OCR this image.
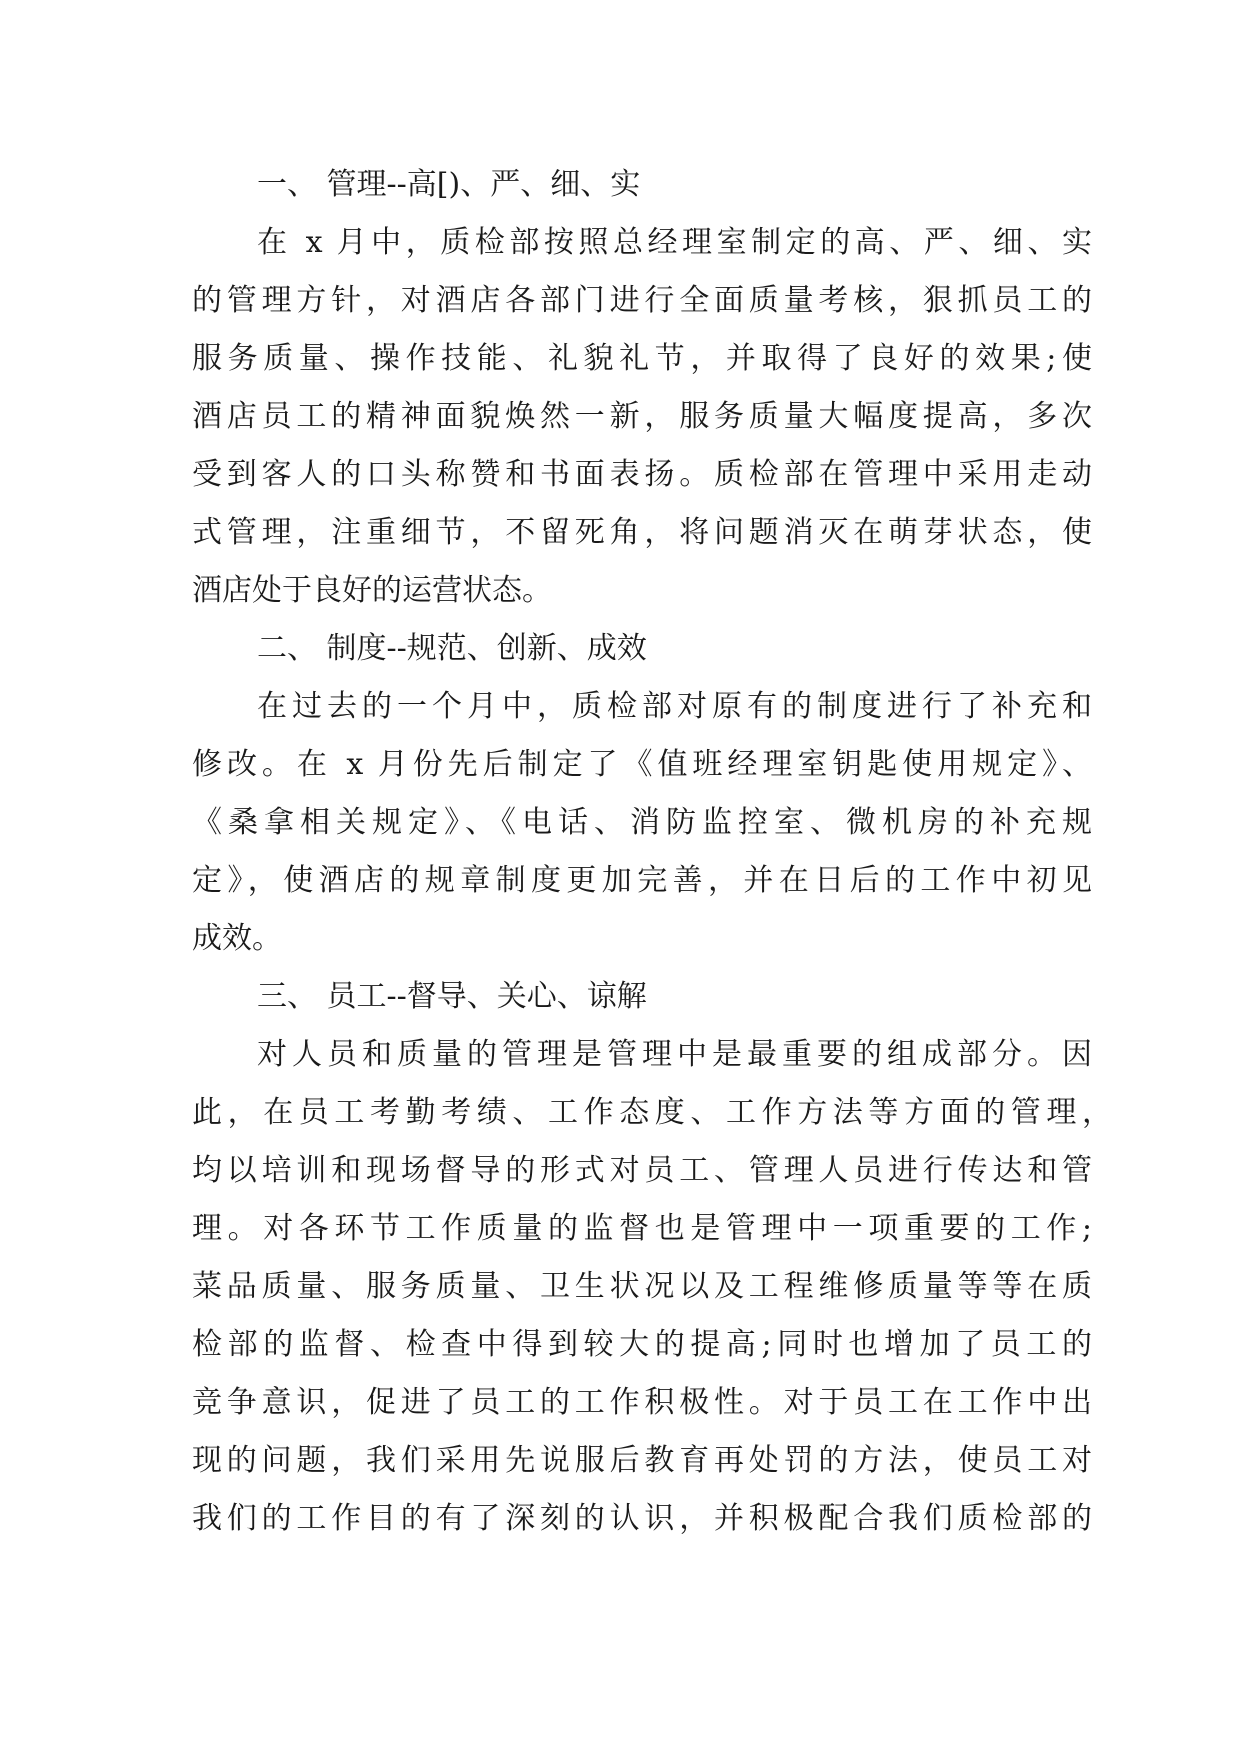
一、 管理--高[)、严、细、实
在 x 月中，质检部按照总经理室制定的高、严、细、实
的管理方针，对酒店各部门进行全面质量考核，狠抓员工的
服务质量、操作技能、礼貌礼节，并取得了良好的效果;使
酒店员工的精神面貌焕然一新，服务质量大幅度提高，多次
受到客人的口头称赞和书面表扬。质检部在管理中采用走动
式管理，注重细节，不留死角，将问题消灭在萌芽状态，使
酒店处于良好的运营状态。
二、 制度--规范、创新、成效
在过去的一个月中，质检部对原有的制度进行了补充和
修改。在 x 月份先后制定了《值班经理室钥匙使用规定》、
《桑拿相关规定》、《电话、消防监控室、微机房的补充规
定》，使酒店的规章制度更加完善，并在日后的工作中初见
成效。
三、 员工--督导、关心、谅解
对人员和质量的管理是管理中是最重要的组成部分。因
此，在员工考勤考绩、工作态度、工作方法等方面的管理，
均以培训和现场督导的形式对员工、管理人员进行传达和管
理。对各环节工作质量的监督也是管理中一项重要的工作;
菜品质量、服务质量、卫生状况以及工程维修质量等等在质
检部的监督、检查中得到较大的提高;同时也增加了员工的
竞争意识，促进了员工的工作积极性。对于员工在工作中出
现的问题，我们采用先说服后教育再处罚的方法，使员工对
我们的工作目的有了深刻的认识，并积极配合我们质检部的
